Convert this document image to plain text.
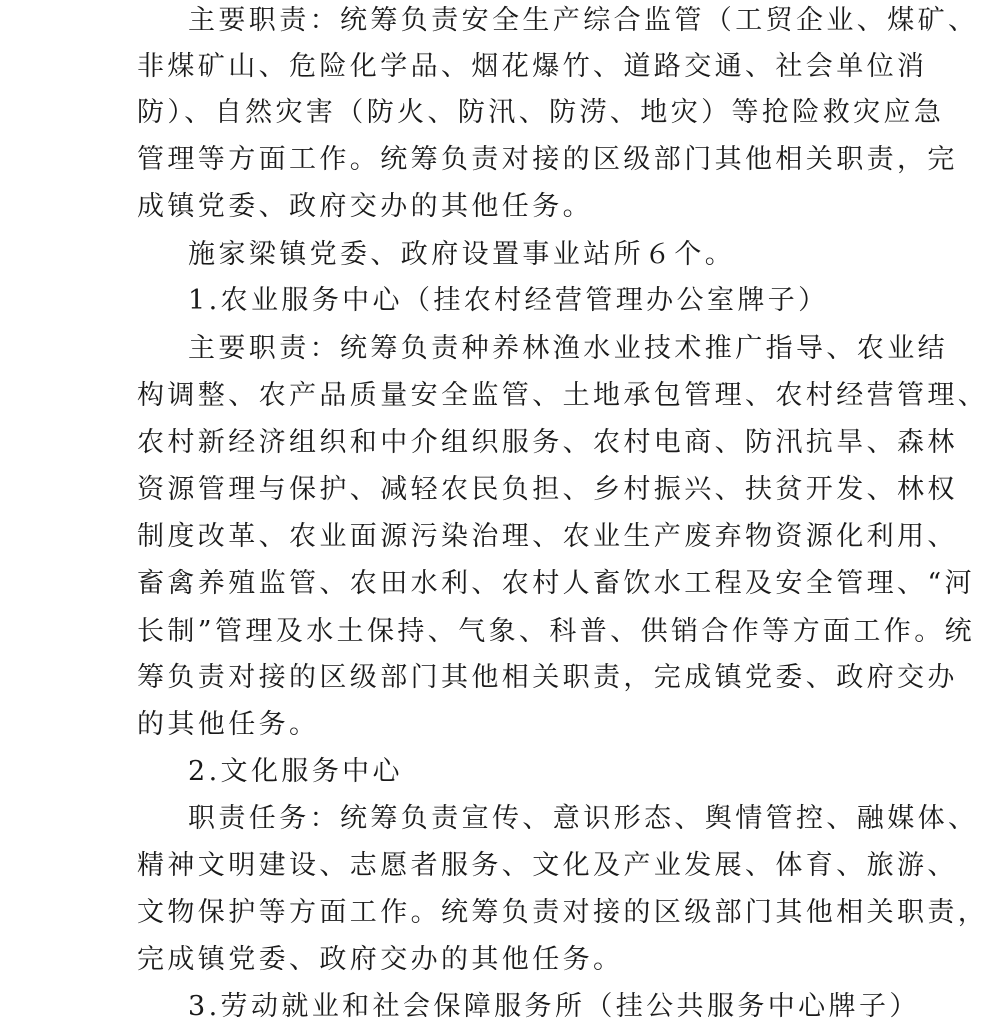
主要职责：统筹负责安全生产综合监管（工贸企业、煤矿、
非煤矿山、危险化学品、烟花爆竹、道路交通、社会单位消
防）、自然灾害（防火、防汛、防涝、地灾）等抢险救灾应急
管理等方面工作。统筹负责对接的区级部门其他相关职责，完
成镇党委、政府交办的其他任务。
施家梁镇党委、政府设置事业站所６个。
1.农业服务中心（挂农村经营管理办公室牌子）
主要职责：统筹负责种养林渔水业技术推广指导、农业结
构调整、农产品质量安全监管、土地承包管理、农村经营管理、
农村新经济组织和中介组织服务、农村电商、防汛抗旱、森林
资源管理与保护、减轻农民负担、乡村振兴、扶贫开发、林权
制度改革、农业面源污染治理、农业生产废弃物资源化利用、
畜禽养殖监管、农田水利、农村人畜饮水工程及安全管理、“河
长制”管理及水土保持、气象、科普、供销合作等方面工作。统
筹负责对接的区级部门其他相关职责，完成镇党委、政府交办
的其他任务。
2.文化服务中心
职责任务：统筹负责宣传、意识形态、舆情管控、融媒体、
精神文明建设、志愿者服务、文化及产业发展、体育、旅游、
文物保护等方面工作。统筹负责对接的区级部门其他相关职责，
完成镇党委、政府交办的其他任务。
3.劳动就业和社会保障服务所（挂公共服务中心牌子）
